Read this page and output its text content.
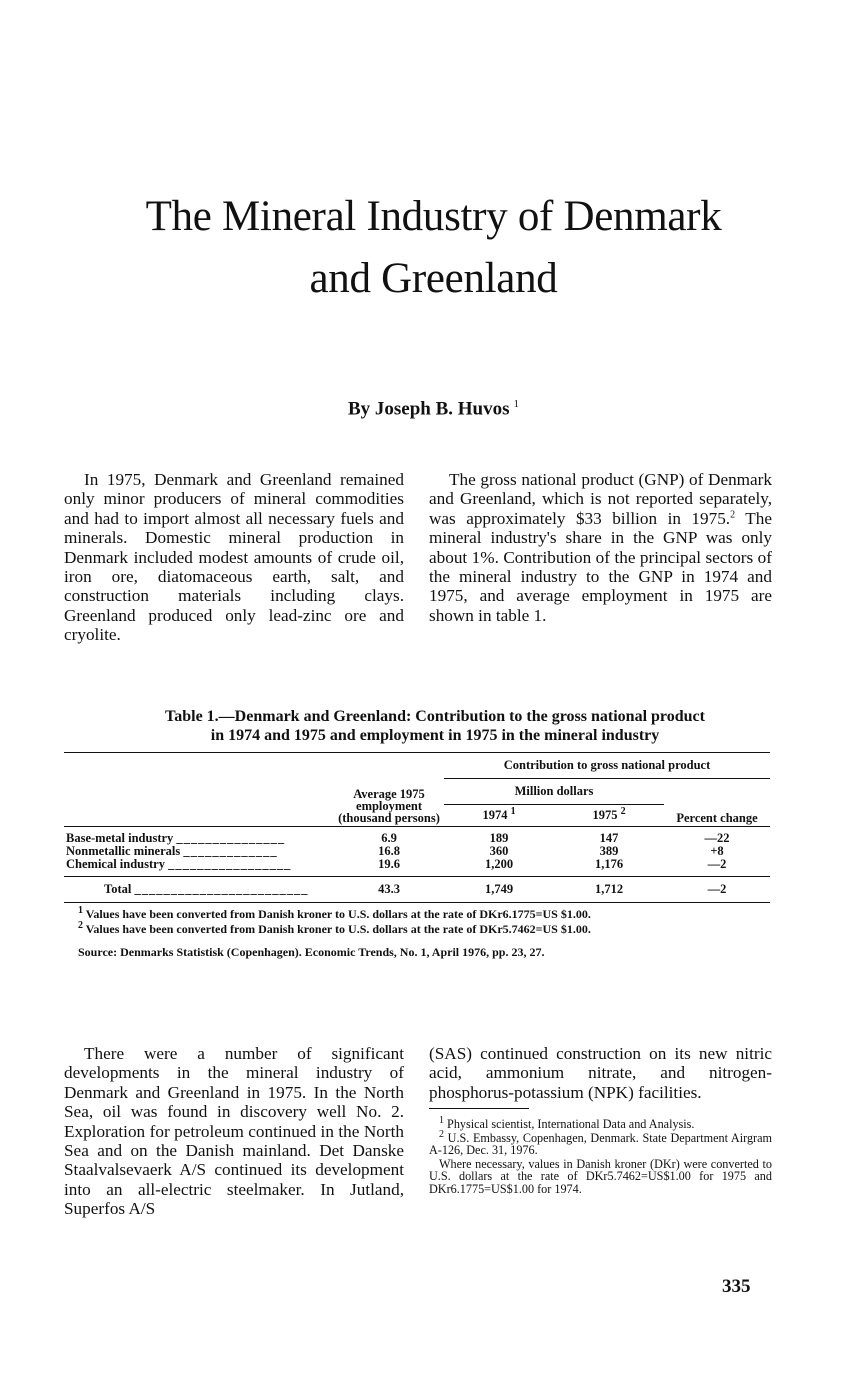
The Mineral Industry of Denmark
and Greenland

By Joseph B. Huvos $^1$

In 1975, Denmark and Greenland remained only minor producers of mineral commodities and had to import almost all necessary fuels and minerals. Domestic mineral production in Denmark included modest amounts of crude oil, iron ore, diatomaceous earth, salt, and construction materials including clays. Greenland produced only lead-zinc ore and cryolite.

The gross national product (GNP) of Denmark and Greenland, which is not reported separately, was approximately $33 billion in 1975.$^2$ The mineral industry's share in the GNP was only about 1%. Contribution of the principal sectors of the mineral industry to the GNP in 1974 and 1975, and average employment in 1975 are shown in table 1.

Table 1.—Denmark and Greenland: Contribution to the gross national product
in 1974 and 1975 and employment in 1975 in the mineral industry

	Average 1975 employment (thousand persons)	Contribution to gross national product		
		Million dollars		Percent change
		1974 $^1$	1975 $^2$

Base-metal industry _______________	6.9	189	147	—22
Nonmetallic minerals _____________	16.8	360	389	+8
Chemical industry _________________	19.6	1,200	1,176	—2

Total ________________________	43.3	1,749	1,712	—2

$^1$ Values have been converted from Danish kroner to U.S. dollars at the rate of DKr6.1775=US $1.00.

$^2$ Values have been converted from Danish kroner to U.S. dollars at the rate of DKr5.7462=US $1.00.

Source: Denmarks Statistisk (Copenhagen). Economic Trends, No. 1, April 1976, pp. 23, 27.

There were a number of significant developments in the mineral industry of Denmark and Greenland in 1975. In the North Sea, oil was found in discovery well No. 2. Exploration for petroleum continued in the North Sea and on the Danish mainland. Det Danske Staalvalsevaerk A/S continued its development into an all-electric steelmaker. In Jutland, Superfos A/S

(SAS) continued construction on its new nitric acid, ammonium nitrate, and nitrogen-phosphorus-potassium (NPK) facilities.

$^1$ Physical scientist, International Data and Analysis.

$^2$ U.S. Embassy, Copenhagen, Denmark. State Department Airgram A-126, Dec. 31, 1976.

Where necessary, values in Danish kroner (DKr) were converted to U.S. dollars at the rate of DKr5.7462=US$1.00 for 1975 and DKr6.1775=US$1.00 for 1974.

335
